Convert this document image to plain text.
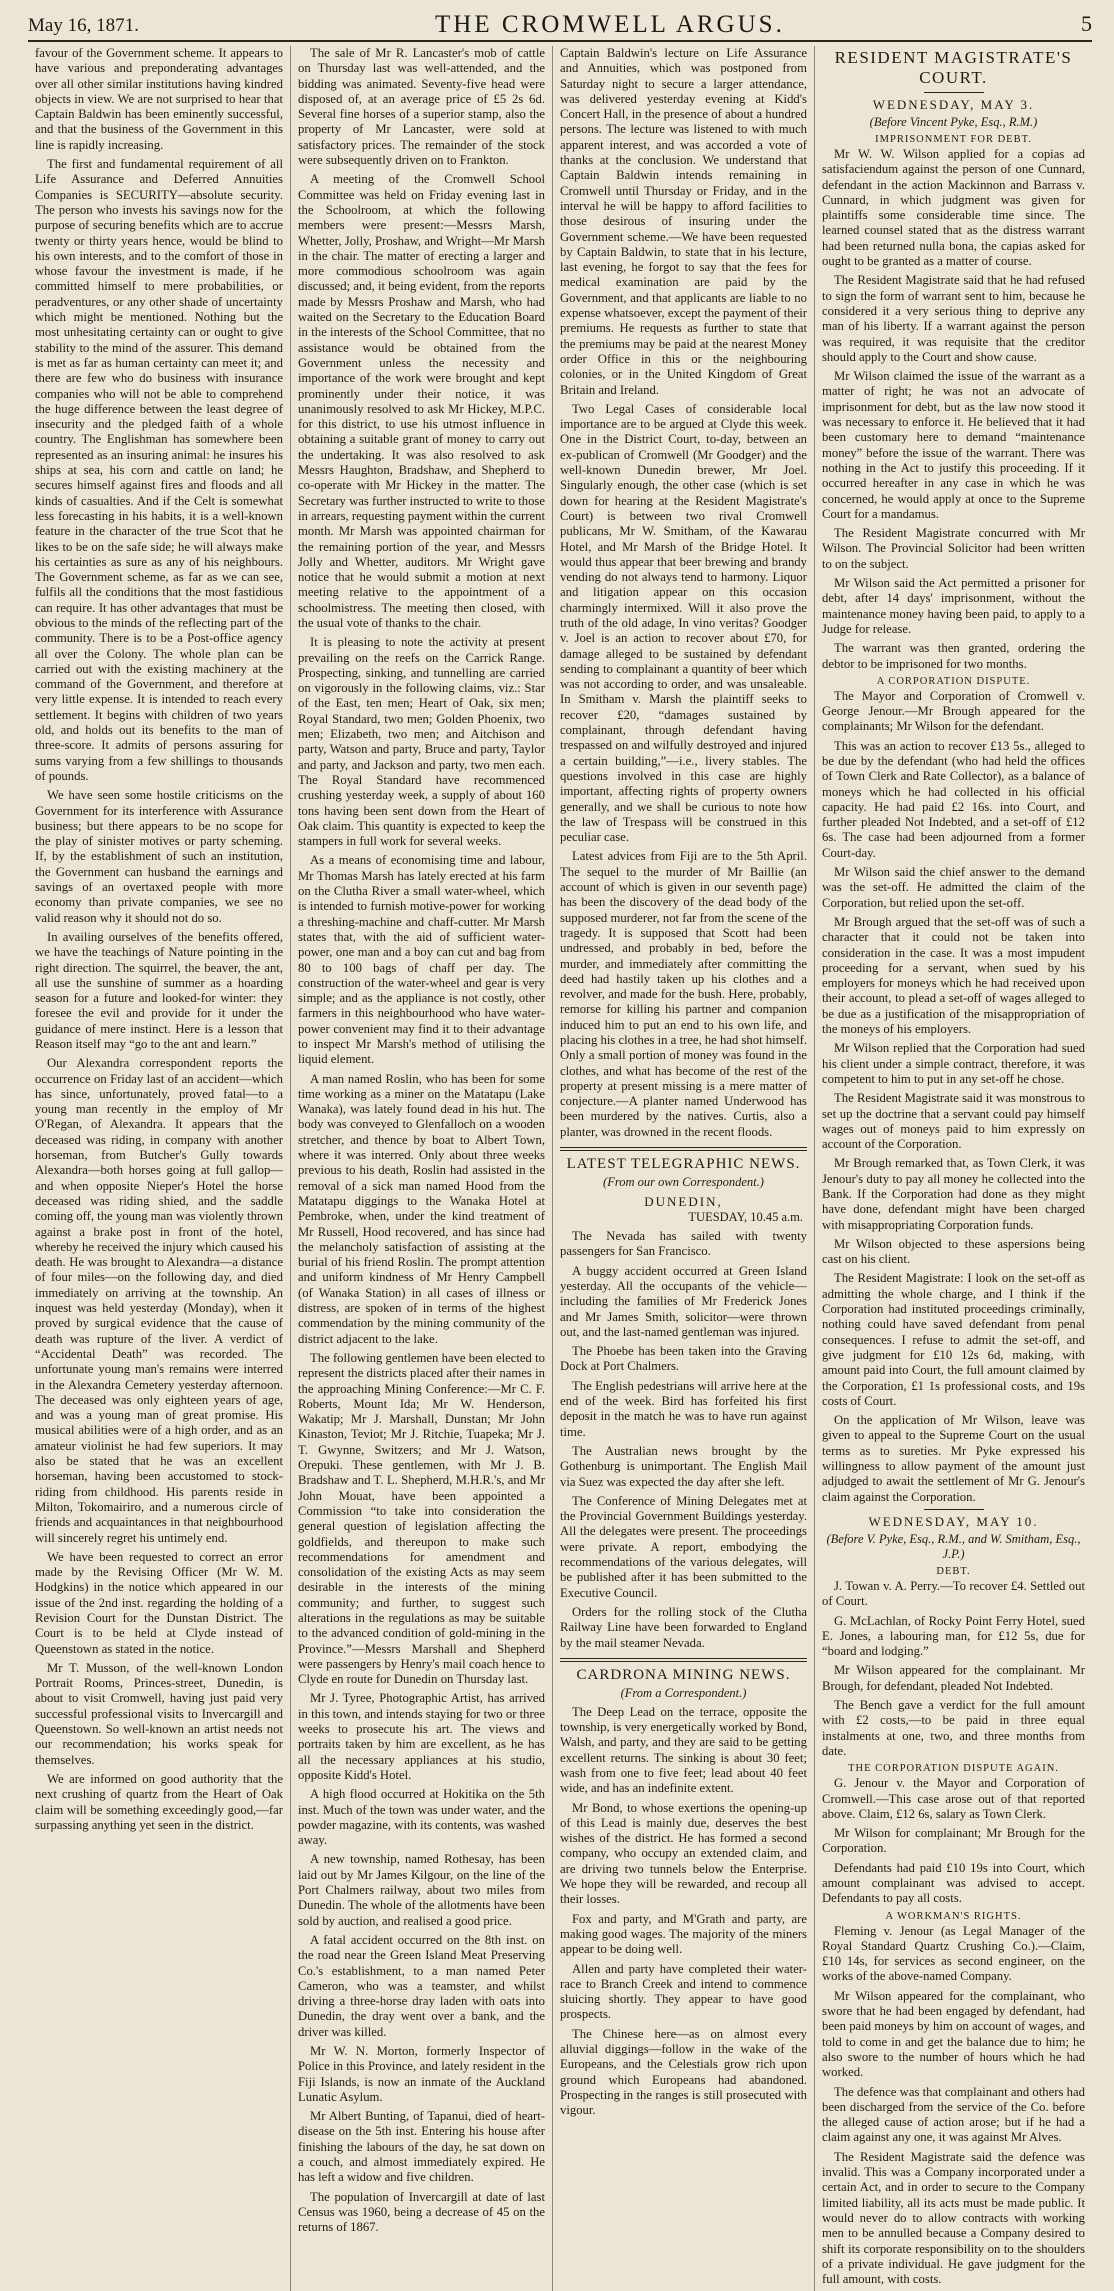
May 16, 1871.	THE CROMWELL ARGUS.	5

favour of the Government scheme. It appears to have various and preponderating advantages over all other similar institutions having kindred objects in view. We are not surprised to hear that Captain Baldwin has been eminently successful, and that the business of the Government in this line is rapidly increasing.

The first and fundamental requirement of all Life Assurance and Deferred Annuities Companies is SECURITY—absolute security. The person who invests his savings now for the purpose of securing benefits which are to accrue twenty or thirty years hence, would be blind to his own interests, and to the comfort of those in whose favour the investment is made, if he committed himself to mere probabilities, or peradventures, or any other shade of uncertainty which might be mentioned. Nothing but the most unhesitating certainty can or ought to give stability to the mind of the assurer. This demand is met as far as human certainty can meet it; and there are few who do business with insurance companies who will not be able to comprehend the huge difference between the least degree of insecurity and the pledged faith of a whole country. The Englishman has somewhere been represented as an insuring animal: he insures his ships at sea, his corn and cattle on land; he secures himself against fires and floods and all kinds of casualties. And if the Celt is somewhat less forecasting in his habits, it is a well-known feature in the character of the true Scot that he likes to be on the safe side; he will always make his certainties as sure as any of his neighbours. The Government scheme, as far as we can see, fulfils all the conditions that the most fastidious can require. It has other advantages that must be obvious to the minds of the reflecting part of the community. There is to be a Post-office agency all over the Colony. The whole plan can be carried out with the existing machinery at the command of the Government, and therefore at very little expense. It is intended to reach every settlement. It begins with children of two years old, and holds out its benefits to the man of three-score. It admits of persons assuring for sums varying from a few shillings to thousands of pounds.

We have seen some hostile criticisms on the Government for its interference with Assurance business; but there appears to be no scope for the play of sinister motives or party scheming. If, by the establishment of such an institution, the Government can husband the earnings and savings of an overtaxed people with more economy than private companies, we see no valid reason why it should not do so.

In availing ourselves of the benefits offered, we have the teachings of Nature pointing in the right direction. The squirrel, the beaver, the ant, all use the sunshine of summer as a hoarding season for a future and looked-for winter: they foresee the evil and provide for it under the guidance of mere instinct. Here is a lesson that Reason itself may “go to the ant and learn.”

Our Alexandra correspondent reports the occurrence on Friday last of an accident—which has since, unfortunately, proved fatal—to a young man recently in the employ of Mr O'Regan, of Alexandra. It appears that the deceased was riding, in company with another horseman, from Butcher's Gully towards Alexandra—both horses going at full gallop—and when opposite Nieper's Hotel the horse deceased was riding shied, and the saddle coming off, the young man was violently thrown against a brake post in front of the hotel, whereby he received the injury which caused his death. He was brought to Alexandra—a distance of four miles—on the following day, and died immediately on arriving at the township. An inquest was held yesterday (Monday), when it proved by surgical evidence that the cause of death was rupture of the liver. A verdict of “Accidental Death” was recorded. The unfortunate young man's remains were interred in the Alexandra Cemetery yesterday afternoon. The deceased was only eighteen years of age, and was a young man of great promise. His musical abilities were of a high order, and as an amateur violinist he had few superiors. It may also be stated that he was an excellent horseman, having been accustomed to stock-riding from childhood. His parents reside in Milton, Tokomairiro, and a numerous circle of friends and acquaintances in that neighbourhood will sincerely regret his untimely end.

We have been requested to correct an error made by the Revising Officer (Mr W. M. Hodgkins) in the notice which appeared in our issue of the 2nd inst. regarding the holding of a Revision Court for the Dunstan District. The Court is to be held at Clyde instead of Queenstown as stated in the notice.

Mr T. Musson, of the well-known London Portrait Rooms, Princes-street, Dunedin, is about to visit Cromwell, having just paid very successful professional visits to Invercargill and Queenstown. So well-known an artist needs not our recommendation; his works speak for themselves.

We are informed on good authority that the next crushing of quartz from the Heart of Oak claim will be something exceedingly good,—far surpassing anything yet seen in the district.

The sale of Mr R. Lancaster's mob of cattle on Thursday last was well-attended, and the bidding was animated. Seventy-five head were disposed of, at an average price of £5 2s 6d. Several fine horses of a superior stamp, also the property of Mr Lancaster, were sold at satisfactory prices. The remainder of the stock were subsequently driven on to Frankton.

A meeting of the Cromwell School Committee was held on Friday evening last in the Schoolroom, at which the following members were present:—Messrs Marsh, Whetter, Jolly, Proshaw, and Wright—Mr Marsh in the chair. The matter of erecting a larger and more commodious schoolroom was again discussed; and, it being evident, from the reports made by Messrs Proshaw and Marsh, who had waited on the Secretary to the Education Board in the interests of the School Committee, that no assistance would be obtained from the Government unless the necessity and importance of the work were brought and kept prominently under their notice, it was unanimously resolved to ask Mr Hickey, M.P.C. for this district, to use his utmost influence in obtaining a suitable grant of money to carry out the undertaking. It was also resolved to ask Messrs Haughton, Bradshaw, and Shepherd to co-operate with Mr Hickey in the matter. The Secretary was further instructed to write to those in arrears, requesting payment within the current month. Mr Marsh was appointed chairman for the remaining portion of the year, and Messrs Jolly and Whetter, auditors. Mr Wright gave notice that he would submit a motion at next meeting relative to the appointment of a schoolmistress. The meeting then closed, with the usual vote of thanks to the chair.

It is pleasing to note the activity at present prevailing on the reefs on the Carrick Range. Prospecting, sinking, and tunnelling are carried on vigorously in the following claims, viz.: Star of the East, ten men; Heart of Oak, six men; Royal Standard, two men; Golden Phoenix, two men; Elizabeth, two men; and Aitchison and party, Watson and party, Bruce and party, Taylor and party, and Jackson and party, two men each. The Royal Standard have recommenced crushing yesterday week, a supply of about 160 tons having been sent down from the Heart of Oak claim. This quantity is expected to keep the stampers in full work for several weeks.

As a means of economising time and labour, Mr Thomas Marsh has lately erected at his farm on the Clutha River a small water-wheel, which is intended to furnish motive-power for working a threshing-machine and chaff-cutter. Mr Marsh states that, with the aid of sufficient water-power, one man and a boy can cut and bag from 80 to 100 bags of chaff per day. The construction of the water-wheel and gear is very simple; and as the appliance is not costly, other farmers in this neighbourhood who have water-power convenient may find it to their advantage to inspect Mr Marsh's method of utilising the liquid element.

A man named Roslin, who has been for some time working as a miner on the Matatapu (Lake Wanaka), was lately found dead in his hut. The body was conveyed to Glenfalloch on a wooden stretcher, and thence by boat to Albert Town, where it was interred. Only about three weeks previous to his death, Roslin had assisted in the removal of a sick man named Hood from the Matatapu diggings to the Wanaka Hotel at Pembroke, when, under the kind treatment of Mr Russell, Hood recovered, and has since had the melancholy satisfaction of assisting at the burial of his friend Roslin. The prompt attention and uniform kindness of Mr Henry Campbell (of Wanaka Station) in all cases of illness or distress, are spoken of in terms of the highest commendation by the mining community of the district adjacent to the lake.

The following gentlemen have been elected to represent the districts placed after their names in the approaching Mining Conference:—Mr C. F. Roberts, Mount Ida; Mr W. Henderson, Wakatip; Mr J. Marshall, Dunstan; Mr John Kinaston, Teviot; Mr J. Ritchie, Tuapeka; Mr J. T. Gwynne, Switzers; and Mr J. Watson, Orepuki. These gentlemen, with Mr J. B. Bradshaw and T. L. Shepherd, M.H.R.'s, and Mr John Mouat, have been appointed a Commission “to take into consideration the general question of legislation affecting the goldfields, and thereupon to make such recommendations for amendment and consolidation of the existing Acts as may seem desirable in the interests of the mining community; and further, to suggest such alterations in the regulations as may be suitable to the advanced condition of gold-mining in the Province.”—Messrs Marshall and Shepherd were passengers by Henry's mail coach hence to Clyde en route for Dunedin on Thursday last.

Mr J. Tyree, Photographic Artist, has arrived in this town, and intends staying for two or three weeks to prosecute his art. The views and portraits taken by him are excellent, as he has all the necessary appliances at his studio, opposite Kidd's Hotel.

A high flood occurred at Hokitika on the 5th inst. Much of the town was under water, and the powder magazine, with its contents, was washed away.

A new township, named Rothesay, has been laid out by Mr James Kilgour, on the line of the Port Chalmers railway, about two miles from Dunedin. The whole of the allotments have been sold by auction, and realised a good price.

A fatal accident occurred on the 8th inst. on the road near the Green Island Meat Preserving Co.'s establishment, to a man named Peter Cameron, who was a teamster, and whilst driving a three-horse dray laden with oats into Dunedin, the dray went over a bank, and the driver was killed.

Mr W. N. Morton, formerly Inspector of Police in this Province, and lately resident in the Fiji Islands, is now an inmate of the Auckland Lunatic Asylum.

Mr Albert Bunting, of Tapanui, died of heart-disease on the 5th inst. Entering his house after finishing the labours of the day, he sat down on a couch, and almost immediately expired. He has left a widow and five children.

The population of Invercargill at date of last Census was 1960, being a decrease of 45 on the returns of 1867.

Captain Baldwin's lecture on Life Assurance and Annuities, which was postponed from Saturday night to secure a larger attendance, was delivered yesterday evening at Kidd's Concert Hall, in the presence of about a hundred persons. The lecture was listened to with much apparent interest, and was accorded a vote of thanks at the conclusion. We understand that Captain Baldwin intends remaining in Cromwell until Thursday or Friday, and in the interval he will be happy to afford facilities to those desirous of insuring under the Government scheme.—We have been requested by Captain Baldwin, to state that in his lecture, last evening, he forgot to say that the fees for medical examination are paid by the Government, and that applicants are liable to no expense whatsoever, except the payment of their premiums. He requests as further to state that the premiums may be paid at the nearest Money order Office in this or the neighbouring colonies, or in the United Kingdom of Great Britain and Ireland.

Two Legal Cases of considerable local importance are to be argued at Clyde this week. One in the District Court, to-day, between an ex-publican of Cromwell (Mr Goodger) and the well-known Dunedin brewer, Mr Joel. Singularly enough, the other case (which is set down for hearing at the Resident Magistrate's Court) is between two rival Cromwell publicans, Mr W. Smitham, of the Kawarau Hotel, and Mr Marsh of the Bridge Hotel. It would thus appear that beer brewing and brandy vending do not always tend to harmony. Liquor and litigation appear on this occasion charmingly intermixed. Will it also prove the truth of the old adage, In vino veritas? Goodger v. Joel is an action to recover about £70, for damage alleged to be sustained by defendant sending to complainant a quantity of beer which was not according to order, and was unsaleable. In Smitham v. Marsh the plaintiff seeks to recover £20, “damages sustained by complainant, through defendant having trespassed on and wilfully destroyed and injured a certain building,”—i.e., livery stables. The questions involved in this case are highly important, affecting rights of property owners generally, and we shall be curious to note how the law of Trespass will be construed in this peculiar case.

Latest advices from Fiji are to the 5th April. The sequel to the murder of Mr Baillie (an account of which is given in our seventh page) has been the discovery of the dead body of the supposed murderer, not far from the scene of the tragedy. It is supposed that Scott had been undressed, and probably in bed, before the murder, and immediately after committing the deed had hastily taken up his clothes and a revolver, and made for the bush. Here, probably, remorse for killing his partner and companion induced him to put an end to his own life, and placing his clothes in a tree, he had shot himself. Only a small portion of money was found in the clothes, and what has become of the rest of the property at present missing is a mere matter of conjecture.—A planter named Underwood has been murdered by the natives. Curtis, also a planter, was drowned in the recent floods.

LATEST TELEGRAPHIC NEWS.
(From our own Correspondent.)
DUNEDIN,
TUESDAY, 10.45 a.m.

The Nevada has sailed with twenty passengers for San Francisco.

A buggy accident occurred at Green Island yesterday. All the occupants of the vehicle—including the families of Mr Frederick Jones and Mr James Smith, solicitor—were thrown out, and the last-named gentleman was injured.

The Phoebe has been taken into the Graving Dock at Port Chalmers.

The English pedestrians will arrive here at the end of the week. Bird has forfeited his first deposit in the match he was to have run against time.

The Australian news brought by the Gothenburg is unimportant. The English Mail via Suez was expected the day after she left.

The Conference of Mining Delegates met at the Provincial Government Buildings yesterday. All the delegates were present. The proceedings were private. A report, embodying the recommendations of the various delegates, will be published after it has been submitted to the Executive Council.

Orders for the rolling stock of the Clutha Railway Line have been forwarded to England by the mail steamer Nevada.

CARDRONA MINING NEWS.
(From a Correspondent.)

The Deep Lead on the terrace, opposite the township, is very energetically worked by Bond, Walsh, and party, and they are said to be getting excellent returns. The sinking is about 30 feet; wash from one to five feet; lead about 40 feet wide, and has an indefinite extent.

Mr Bond, to whose exertions the opening-up of this Lead is mainly due, deserves the best wishes of the district. He has formed a second company, who occupy an extended claim, and are driving two tunnels below the Enterprise. We hope they will be rewarded, and recoup all their losses.

Fox and party, and M'Grath and party, are making good wages. The majority of the miners appear to be doing well.

Allen and party have completed their water-race to Branch Creek and intend to commence sluicing shortly. They appear to have good prospects.

The Chinese here—as on almost every alluvial diggings—follow in the wake of the Europeans, and the Celestials grow rich upon ground which Europeans had abandoned. Prospecting in the ranges is still prosecuted with vigour.

RESIDENT MAGISTRATE'S COURT.
WEDNESDAY, MAY 3.
(Before Vincent Pyke, Esq., R.M.)
IMPRISONMENT FOR DEBT.

Mr W. W. Wilson applied for a copias ad satisfaciendum against the person of one Cunnard, defendant in the action Mackinnon and Barrass v. Cunnard, in which judgment was given for plaintiffs some considerable time since. The learned counsel stated that as the distress warrant had been returned nulla bona, the capias asked for ought to be granted as a matter of course.

The Resident Magistrate said that he had refused to sign the form of warrant sent to him, because he considered it a very serious thing to deprive any man of his liberty. If a warrant against the person was required, it was requisite that the creditor should apply to the Court and show cause.

Mr Wilson claimed the issue of the warrant as a matter of right; he was not an advocate of imprisonment for debt, but as the law now stood it was necessary to enforce it. He believed that it had been customary here to demand “maintenance money” before the issue of the warrant. There was nothing in the Act to justify this proceeding. If it occurred hereafter in any case in which he was concerned, he would apply at once to the Supreme Court for a mandamus.

The Resident Magistrate concurred with Mr Wilson. The Provincial Solicitor had been written to on the subject.

Mr Wilson said the Act permitted a prisoner for debt, after 14 days' imprisonment, without the maintenance money having been paid, to apply to a Judge for release.

The warrant was then granted, ordering the debtor to be imprisoned for two months.

A CORPORATION DISPUTE.

The Mayor and Corporation of Cromwell v. George Jenour.—Mr Brough appeared for the complainants; Mr Wilson for the defendant.

This was an action to recover £13 5s., alleged to be due by the defendant (who had held the offices of Town Clerk and Rate Collector), as a balance of moneys which he had collected in his official capacity. He had paid £2 16s. into Court, and further pleaded Not Indebted, and a set-off of £12 6s. The case had been adjourned from a former Court-day.

Mr Wilson said the chief answer to the demand was the set-off. He admitted the claim of the Corporation, but relied upon the set-off.

Mr Brough argued that the set-off was of such a character that it could not be taken into consideration in the case. It was a most impudent proceeding for a servant, when sued by his employers for moneys which he had received upon their account, to plead a set-off of wages alleged to be due as a justification of the misappropriation of the moneys of his employers.

Mr Wilson replied that the Corporation had sued his client under a simple contract, therefore, it was competent to him to put in any set-off he chose.

The Resident Magistrate said it was monstrous to set up the doctrine that a servant could pay himself wages out of moneys paid to him expressly on account of the Corporation.

Mr Brough remarked that, as Town Clerk, it was Jenour's duty to pay all money he collected into the Bank. If the Corporation had done as they might have done, defendant might have been charged with misappropriating Corporation funds.

Mr Wilson objected to these aspersions being cast on his client.

The Resident Magistrate: I look on the set-off as admitting the whole charge, and I think if the Corporation had instituted proceedings criminally, nothing could have saved defendant from penal consequences. I refuse to admit the set-off, and give judgment for £10 12s 6d, making, with amount paid into Court, the full amount claimed by the Corporation, £1 1s professional costs, and 19s costs of Court.

On the application of Mr Wilson, leave was given to appeal to the Supreme Court on the usual terms as to sureties. Mr Pyke expressed his willingness to allow payment of the amount just adjudged to await the settlement of Mr G. Jenour's claim against the Corporation.

WEDNESDAY, MAY 10.
(Before V. Pyke, Esq., R.M., and W. Smitham, Esq., J.P.)
DEBT.

J. Towan v. A. Perry.—To recover £4. Settled out of Court.

G. McLachlan, of Rocky Point Ferry Hotel, sued E. Jones, a labouring man, for £12 5s, due for “board and lodging.”

Mr Wilson appeared for the complainant. Mr Brough, for defendant, pleaded Not Indebted.

The Bench gave a verdict for the full amount with £2 costs,—to be paid in three equal instalments at one, two, and three months from date.

THE CORPORATION DISPUTE AGAIN.

G. Jenour v. the Mayor and Corporation of Cromwell.—This case arose out of that reported above. Claim, £12 6s, salary as Town Clerk.

Mr Wilson for complainant; Mr Brough for the Corporation.

Defendants had paid £10 19s into Court, which amount complainant was advised to accept. Defendants to pay all costs.

A WORKMAN'S RIGHTS.

Fleming v. Jenour (as Legal Manager of the Royal Standard Quartz Crushing Co.).—Claim, £10 14s, for services as second engineer, on the works of the above-named Company.

Mr Wilson appeared for the complainant, who swore that he had been engaged by defendant, had been paid moneys by him on account of wages, and told to come in and get the balance due to him; he also swore to the number of hours which he had worked.

The defence was that complainant and others had been discharged from the service of the Co. before the alleged cause of action arose; but if he had a claim against any one, it was against Mr Alves.

The Resident Magistrate said the defence was invalid. This was a Company incorporated under a certain Act, and in order to secure to the Company limited liability, all its acts must be made public. It would never do to allow contracts with working men to be annulled because a Company desired to shift its corporate responsibility on to the shoulders of a private individual. He gave judgment for the full amount, with costs.
